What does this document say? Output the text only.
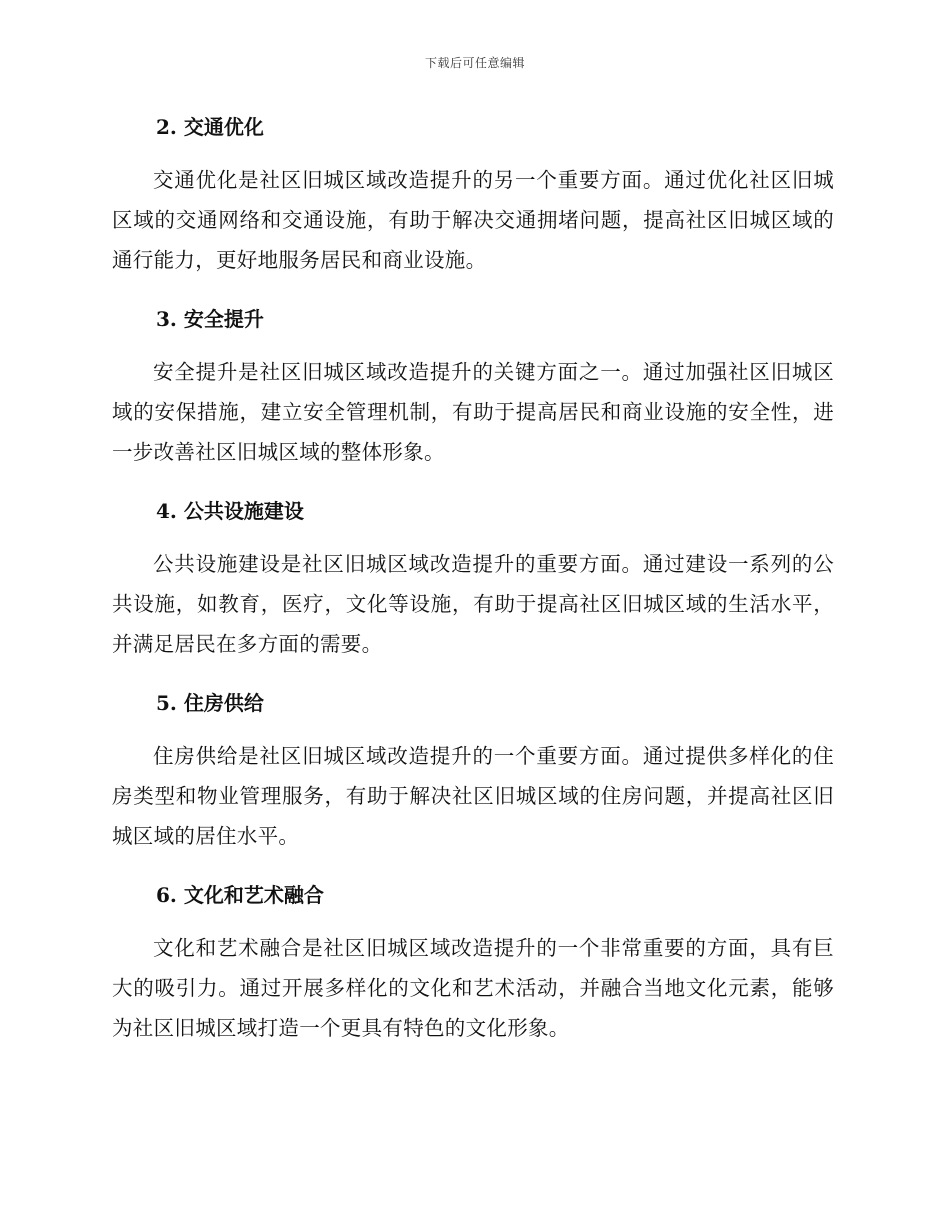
下载后可任意编辑
2. 交通优化

交通优化是社区旧城区域改造提升的另一个重要方面。通过优化社区旧城区域的交通网络和交通设施，有助于解决交通拥堵问题，提高社区旧城区域的通行能力，更好地服务居民和商业设施。

3. 安全提升

安全提升是社区旧城区域改造提升的关键方面之一。通过加强社区旧城区域的安保措施，建立安全管理机制，有助于提高居民和商业设施的安全性，进一步改善社区旧城区域的整体形象。

4. 公共设施建设

公共设施建设是社区旧城区域改造提升的重要方面。通过建设一系列的公共设施，如教育，医疗，文化等设施，有助于提高社区旧城区域的生活水平，并满足居民在多方面的需要。

5. 住房供给

住房供给是社区旧城区域改造提升的一个重要方面。通过提供多样化的住房类型和物业管理服务，有助于解决社区旧城区域的住房问题，并提高社区旧城区域的居住水平。

6. 文化和艺术融合

文化和艺术融合是社区旧城区域改造提升的一个非常重要的方面，具有巨大的吸引力。通过开展多样化的文化和艺术活动，并融合当地文化元素，能够为社区旧城区域打造一个更具有特色的文化形象。
